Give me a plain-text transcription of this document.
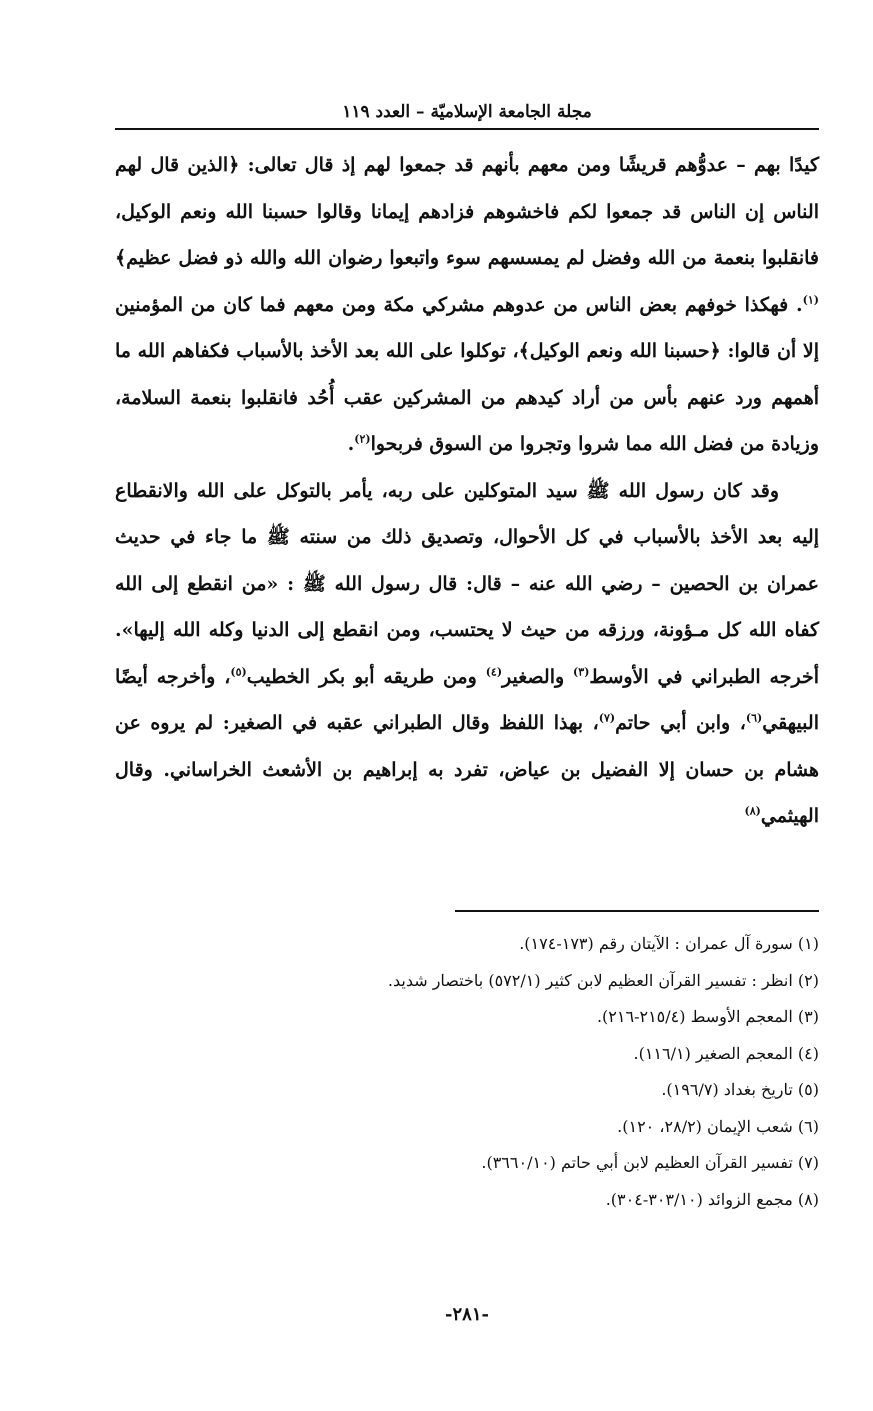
مجلة الجامعة الإسلاميّة – العدد ١١٩

كيدًا بهم – عدوُّهم قريشًا ومن معهم بأنهم قد جمعوا لهم إذ قال تعالى: ﴿الذين قال لهم الناس إن الناس قد جمعوا لكم فاخشوهم فزادهم إيمانا وقالوا حسبنا الله ونعم الوكيل، فانقلبوا بنعمة من الله وفضل لم يمسسهم سوء واتبعوا رضوان الله والله ذو فضل عظيم﴾$^{(١)}$. فهكذا خوفهم بعض الناس من عدوهم مشركي مكة ومن معهم فما كان من المؤمنين إلا أن قالوا: ﴿حسبنا الله ونعم الوكيل﴾، توكلوا على الله بعد الأخذ بالأسباب فكفاهم الله ما أهمهم ورد عنهم بأس من أراد كيدهم من المشركين عقب أُحُد فانقلبوا بنعمة السلامة، وزيادة من فضل الله مما شروا وتجروا من السوق فربحوا$^{(٢)}$.

وقد كان رسول الله ﷺ سيد المتوكلين على ربه، يأمر بالتوكل على الله والانقطاع إليه بعد الأخذ بالأسباب في كل الأحوال، وتصديق ذلك من سنته ﷺ ما جاء في حديث عمران بن الحصين – رضي الله عنه – قال: قال رسول الله ﷺ : «من انقطع إلى الله كفاه الله كل مـؤونة، ورزقه من حيث لا يحتسب، ومن انقطع إلى الدنيا وكله الله إليها». أخرجه الطبراني في الأوسط$^{(٣)}$ والصغير$^{(٤)}$ ومن طريقه أبو بكر الخطيب$^{(٥)}$، وأخرجه أيضًا البيهقي$^{(٦)}$، وابن أبي حاتم$^{(٧)}$، بهذا اللفظ وقال الطبراني عقبه في الصغير: لم يروه عن هشام بن حسان إلا الفضيل بن عياض، تفرد به إبراهيم بن الأشعث الخراساني. وقال الهيثمي$^{(٨)}$

(١) سورة آل عمران : الآيتان رقم (١٧٣-١٧٤).
(٢) انظر : تفسير القرآن العظيم لابن كثير (٥٧٢/١) باختصار شديد.
(٣) المعجم الأوسط (٢١٥/٤-٢١٦).
(٤) المعجم الصغير (١١٦/١).
(٥) تاريخ بغداد (١٩٦/٧).
(٦) شعب الإيمان (٢٨/٢، ١٢٠).
(٧) تفسير القرآن العظيم لابن أبي حاتم (٣٦٦٠/١٠).
(٨) مجمع الزوائد (٣٠٣/١٠-٣٠٤).
-٢٨١-
